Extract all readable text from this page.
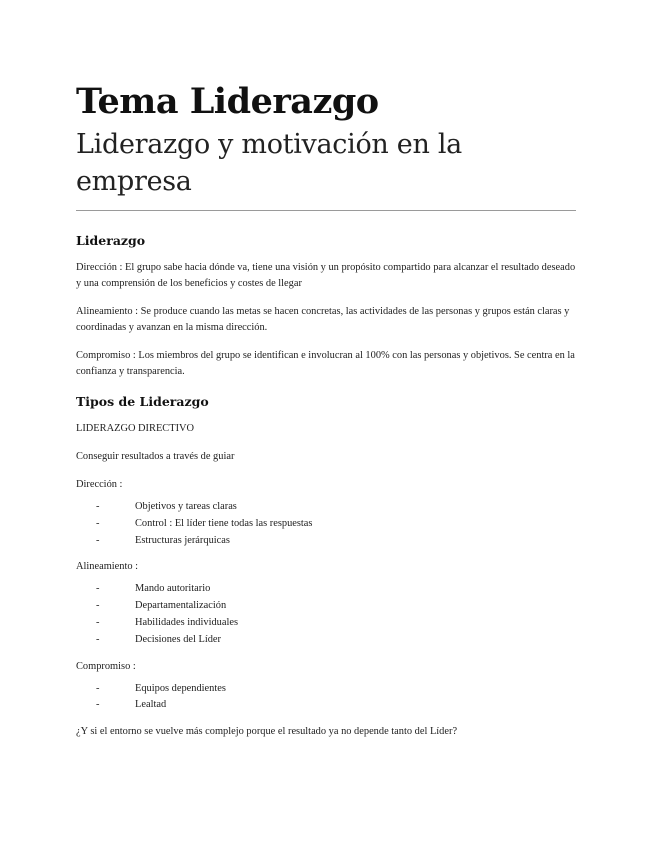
Tema Liderazgo
Liderazgo y motivación en la empresa
Liderazgo

Dirección : El grupo sabe hacia dónde va, tiene una visión y un propósito compartido para alcanzar el resultado deseado y una comprensión de los beneficios y costes de llegar

Alineamiento : Se produce cuando las metas se hacen concretas, las actividades de las personas y grupos están claras y coordinadas y avanzan en la misma dirección.

Compromiso : Los miembros del grupo se identifican e involucran al 100% con las personas y objetivos. Se centra en la confianza y transparencia.

Tipos de Liderazgo

LIDERAZGO DIRECTIVO

Conseguir resultados a través de guiar

Dirección :

-	Objetivos y tareas claras
-	Control : El líder tiene todas las respuestas
-	Estructuras jerárquicas

Alineamiento :

-	Mando autoritario
-	Departamentalización
-	Habilidades individuales
-	Decisiones del Líder

Compromiso :

-	Equipos dependientes
-	Lealtad

¿Y si el entorno se vuelve más complejo porque el resultado ya no depende tanto del Líder?
